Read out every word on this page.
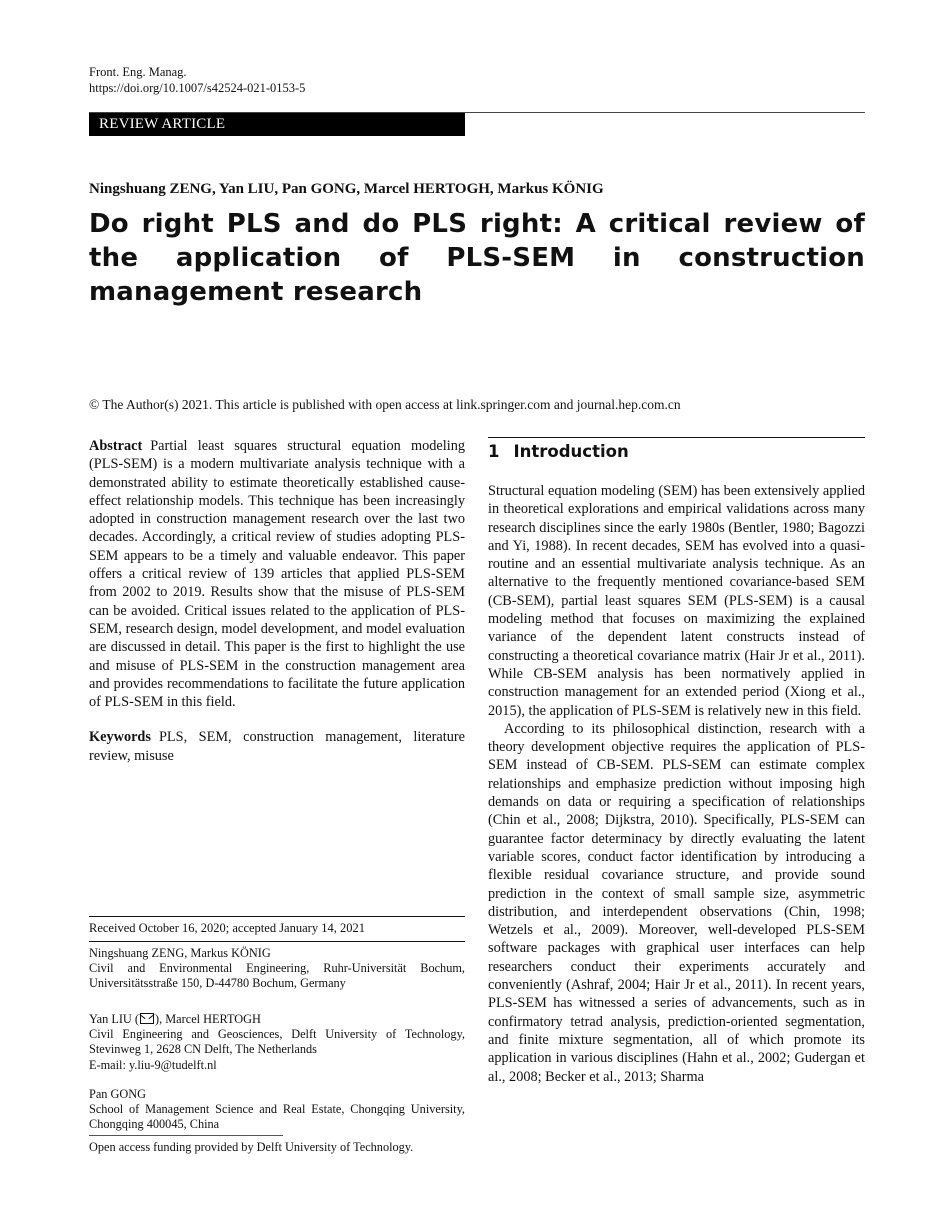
Front. Eng. Manag.
https://doi.org/10.1007/s42524-021-0153-5
REVIEW ARTICLE
Ningshuang ZENG, Yan LIU, Pan GONG, Marcel HERTOGH, Markus KÖNIG
Do right PLS and do PLS right: A critical review of the application of PLS-SEM in construction management research
© The Author(s) 2021. This article is published with open access at link.springer.com and journal.hep.com.cn

Abstract Partial least squares structural equation modeling (PLS-SEM) is a modern multivariate analysis technique with a demonstrated ability to estimate theoretically established cause-effect relationship models. This technique has been increasingly adopted in construction management research over the last two decades. Accordingly, a critical review of studies adopting PLS-SEM appears to be a timely and valuable endeavor. This paper offers a critical review of 139 articles that applied PLS-SEM from 2002 to 2019. Results show that the misuse of PLS-SEM can be avoided. Critical issues related to the application of PLS-SEM, research design, model development, and model evaluation are discussed in detail. This paper is the first to highlight the use and misuse of PLS-SEM in the construction management area and provides recommendations to facilitate the future application of PLS-SEM in this field.

Keywords PLS, SEM, construction management, literature review, misuse

Received October 16, 2020; accepted January 14, 2021
Ningshuang ZENG, Markus KÖNIG
Civil and Environmental Engineering, Ruhr-Universität Bochum, Universitätsstraße 150, D-44780 Bochum, Germany
Yan LIU ( ), Marcel HERTOGH
Civil Engineering and Geosciences, Delft University of Technology, Stevinweg 1, 2628 CN Delft, The Netherlands
E-mail: y.liu-9@tudelft.nl
Pan GONG
School of Management Science and Real Estate, Chongqing University, Chongqing 400045, China
Open access funding provided by Delft University of Technology.
1 Introduction

Structural equation modeling (SEM) has been extensively applied in theoretical explorations and empirical validations across many research disciplines since the early 1980s (Bentler, 1980; Bagozzi and Yi, 1988). In recent decades, SEM has evolved into a quasi-routine and an essential multivariate analysis technique. As an alternative to the frequently mentioned covariance-based SEM (CB-SEM), partial least squares SEM (PLS-SEM) is a causal modeling method that focuses on maximizing the explained variance of the dependent latent constructs instead of constructing a theoretical covariance matrix (Hair Jr et al., 2011). While CB-SEM analysis has been normatively applied in construction management for an extended period (Xiong et al., 2015), the application of PLS-SEM is relatively new in this field.

According to its philosophical distinction, research with a theory development objective requires the application of PLS-SEM instead of CB-SEM. PLS-SEM can estimate complex relationships and emphasize prediction without imposing high demands on data or requiring a specification of relationships (Chin et al., 2008; Dijkstra, 2010). Specifically, PLS-SEM can guarantee factor determinacy by directly evaluating the latent variable scores, conduct factor identification by introducing a flexible residual covariance structure, and provide sound prediction in the context of small sample size, asymmetric distribution, and interdependent observations (Chin, 1998; Wetzels et al., 2009). Moreover, well-developed PLS-SEM software packages with graphical user interfaces can help researchers conduct their experiments accurately and conveniently (Ashraf, 2004; Hair Jr et al., 2011). In recent years, PLS-SEM has witnessed a series of advancements, such as in confirmatory tetrad analysis, prediction-oriented segmentation, and finite mixture segmentation, all of which promote its application in various disciplines (Hahn et al., 2002; Gudergan et al., 2008; Becker et al., 2013; Sharma
